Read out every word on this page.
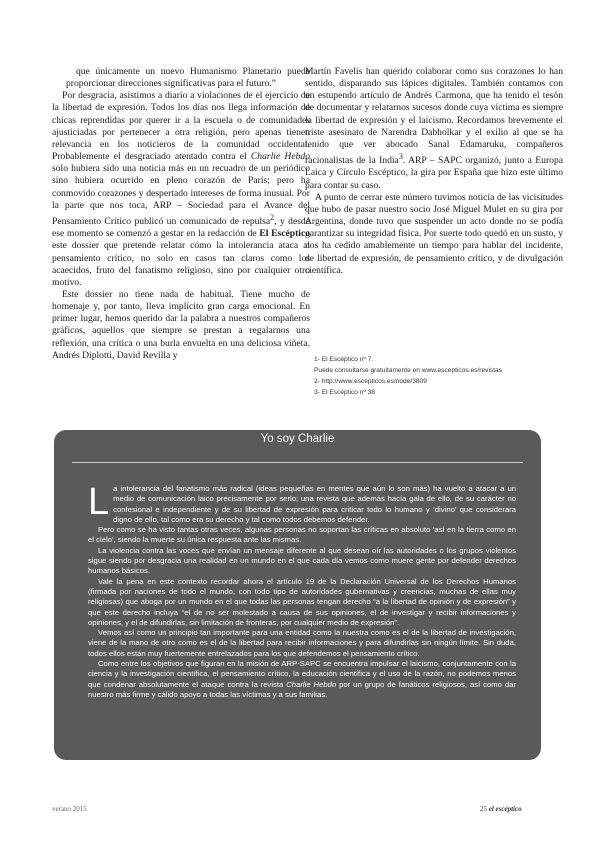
que únicamente un nuevo Humanismo Planetario puede proporcionar direcciones significativas para el futuro.”

Por desgracia, asistimos a diario a violaciones de el ejercicio de la libertad de expresión. Todos los días nos llega información de chicas reprendidas por querer ir a la escuela o de comunidades ajusticiadas por pertenecer a otra religión, pero apenas tienen relevancia en los noticieros de la comunidad occidental. Probablemente el desgraciado atentado contra el Charlie Hebdo solo hubiera sido una noticia más en un recuadro de un periódico sino hubiera ocurrido en pleno corazón de París; pero ha conmovido corazones y despertado intereses de forma inusual. Por la parte que nos toca, ARP – Sociedad para el Avance del Pensamiento Crítico publicó un comunicado de repulsa$^2$, y desde ese momento se comenzó a gestar en la redacción de El Escéptico este dossier que pretende relatar cómo la intolerancia ataca al pensamiento crítico, no solo en casos tan claros como los acaecidos, fruto del fanatismo religioso, sino por cualquier otro motivo.

Este dossier no tiene nada de habitual. Tiene mucho de homenaje y, por tanto, lleva implícito gran carga emocional. En primer lugar, hemos querido dar la palabra a nuestros compañeros gráficos, aquellos que siempre se prestan a regalarnos una reflexión, una crítica o una burla envuelta en una deliciosa viñeta. Andrés Diplotti, David Revilla y

Martín Favelis han querido colaborar como sus corazones lo han sentido, disparando sus lápices digitales. También contamos con un estupendo artículo de Andrés Carmona, que ha tenido el tesón de documentar y relatarnos sucesos donde cuya víctima es siempre la libertad de expresión y el laicismo. Recordamos brevemente el triste asesinato de Narendra Dabholkar y el exilio al que se ha tenido que ver abocado Sanal Edamaruku, compañeros racionalistas de la India$^3$. ARP – SAPC organizó, junto a Europa Laica y Círculo Escéptico, la gira por España que hizo este último para contar su caso.

A punto de cerrar este número tuvimos noticia de las vicisitudes que hubo de pasar nuestro socio José Miguel Mulet en su gira por Argentina, donde tuvo que suspender un acto donde no se podía garantizar su integridad física. Por suerte todo quedó en un susto, y nos ha cedido amablemente un tiempo para hablar del incidente, de libertad de expresión, de pensamiento crítico, y de divulgación científica.

1- El Escéptico nº 7.
Puede consultarse gratuitamente en www.escepticos.es/revistas
2- http://www.escepticos.es/node/3809
3- El Escéptico nº 38
Yo soy Charlie

La intolerancia del fanatismo más radical (ideas pequeñas en mentes que aún lo son más) ha vuelto a atacar a un medio de comunicación laico precisamente por serlo; una revista que además hacía gala de ello, de su carácter no confesional e independiente y de su libertad de expresión para criticar todo lo humano y ‘divino’ que considerara digno de ello, tal como era su derecho y tal como todos debemos defender.

Pero como se ha visto tantas otras veces, algunas personas no soportan las críticas en absoluto ‘así en la tierra como en el cielo’, siendo la muerte su única respuesta ante las mismas.

La violencia contra las voces que envían un mensaje diferente al que desean oír las autoridades o los grupos violentos sigue siendo por desgracia una realidad en un mundo en el que cada día vemos como muere gente por defender derechos humanos básicos.

Vale la pena en este contexto recordar ahora el artículo 19 de la Declaración Universal de los Derechos Humanos (firmada por naciones de todo el mundo, con todo tipo de autoridades gubernativas y creencias, muchas de ellas muy religiosas) que aboga por un mundo en el que todas las personas tengan derecho “a la libertad de opinión y de expresión” y que este derecho incluya “el de no ser molestado a causa de sus opiniones, el de investigar y recibir informaciones y opiniones, y el de difundirlas, sin limitación de fronteras, por cualquier medio de expresión”.

Vemos así como un principio tan importante para una entidad como la nuestra como es el de la libertad de investigación, viene de la mano de otro como es el de la libertad para recibir informaciones y para difundirlas sin ningún límite. Sin duda, todos ellos están muy fuertemente entrelazados para los que defendemos el pensamiento crítico.

Como entre los objetivos que figuran en la misión de ARP-SAPC se encuentra impulsar el laicismo, conjuntamente con la ciencia y la investigación científica, el pensamiento crítico, la educación científica y el uso de la razón, no podemos menos que condenar absolutamente el ataque contra la revista Charlie Hebdo por un grupo de fanáticos religiosos, así como dar nuestro más firme y cálido apoyo a todas las víctimas y a sus familias.

verano 2015	25 el escéptico
